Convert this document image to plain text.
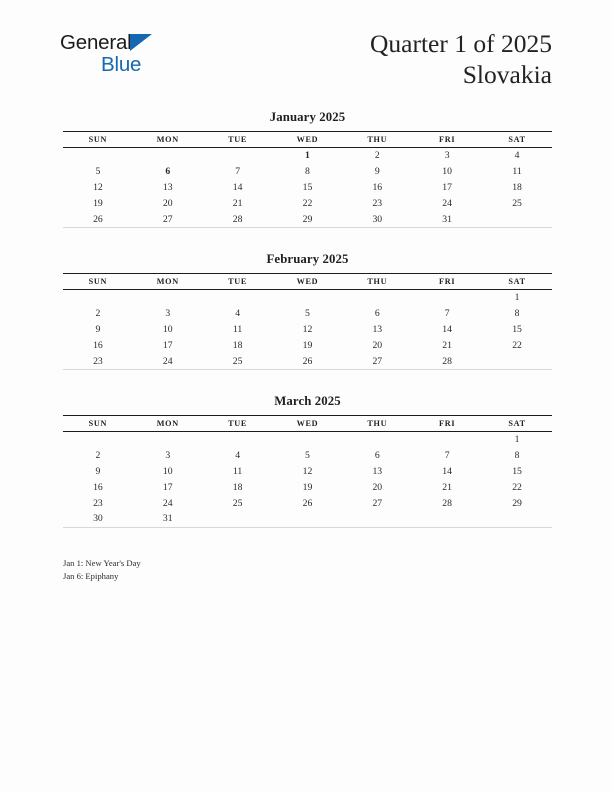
General
Blue
Quarter 1 of 2025
Slovakia
January 2025
SUN	MON	TUE	WED	THU	FRI	SAT
			1	2	3	4
5	6	7	8	9	10	11
12	13	14	15	16	17	18
19	20	21	22	23	24	25
26	27	28	29	30	31	
February 2025
SUN	MON	TUE	WED	THU	FRI	SAT
						1
2	3	4	5	6	7	8
9	10	11	12	13	14	15
16	17	18	19	20	21	22
23	24	25	26	27	28	
March 2025
SUN	MON	TUE	WED	THU	FRI	SAT
						1
2	3	4	5	6	7	8
9	10	11	12	13	14	15
16	17	18	19	20	21	22
23	24	25	26	27	28	29
30	31					
Jan 1: New Year's Day
Jan 6: Epiphany
